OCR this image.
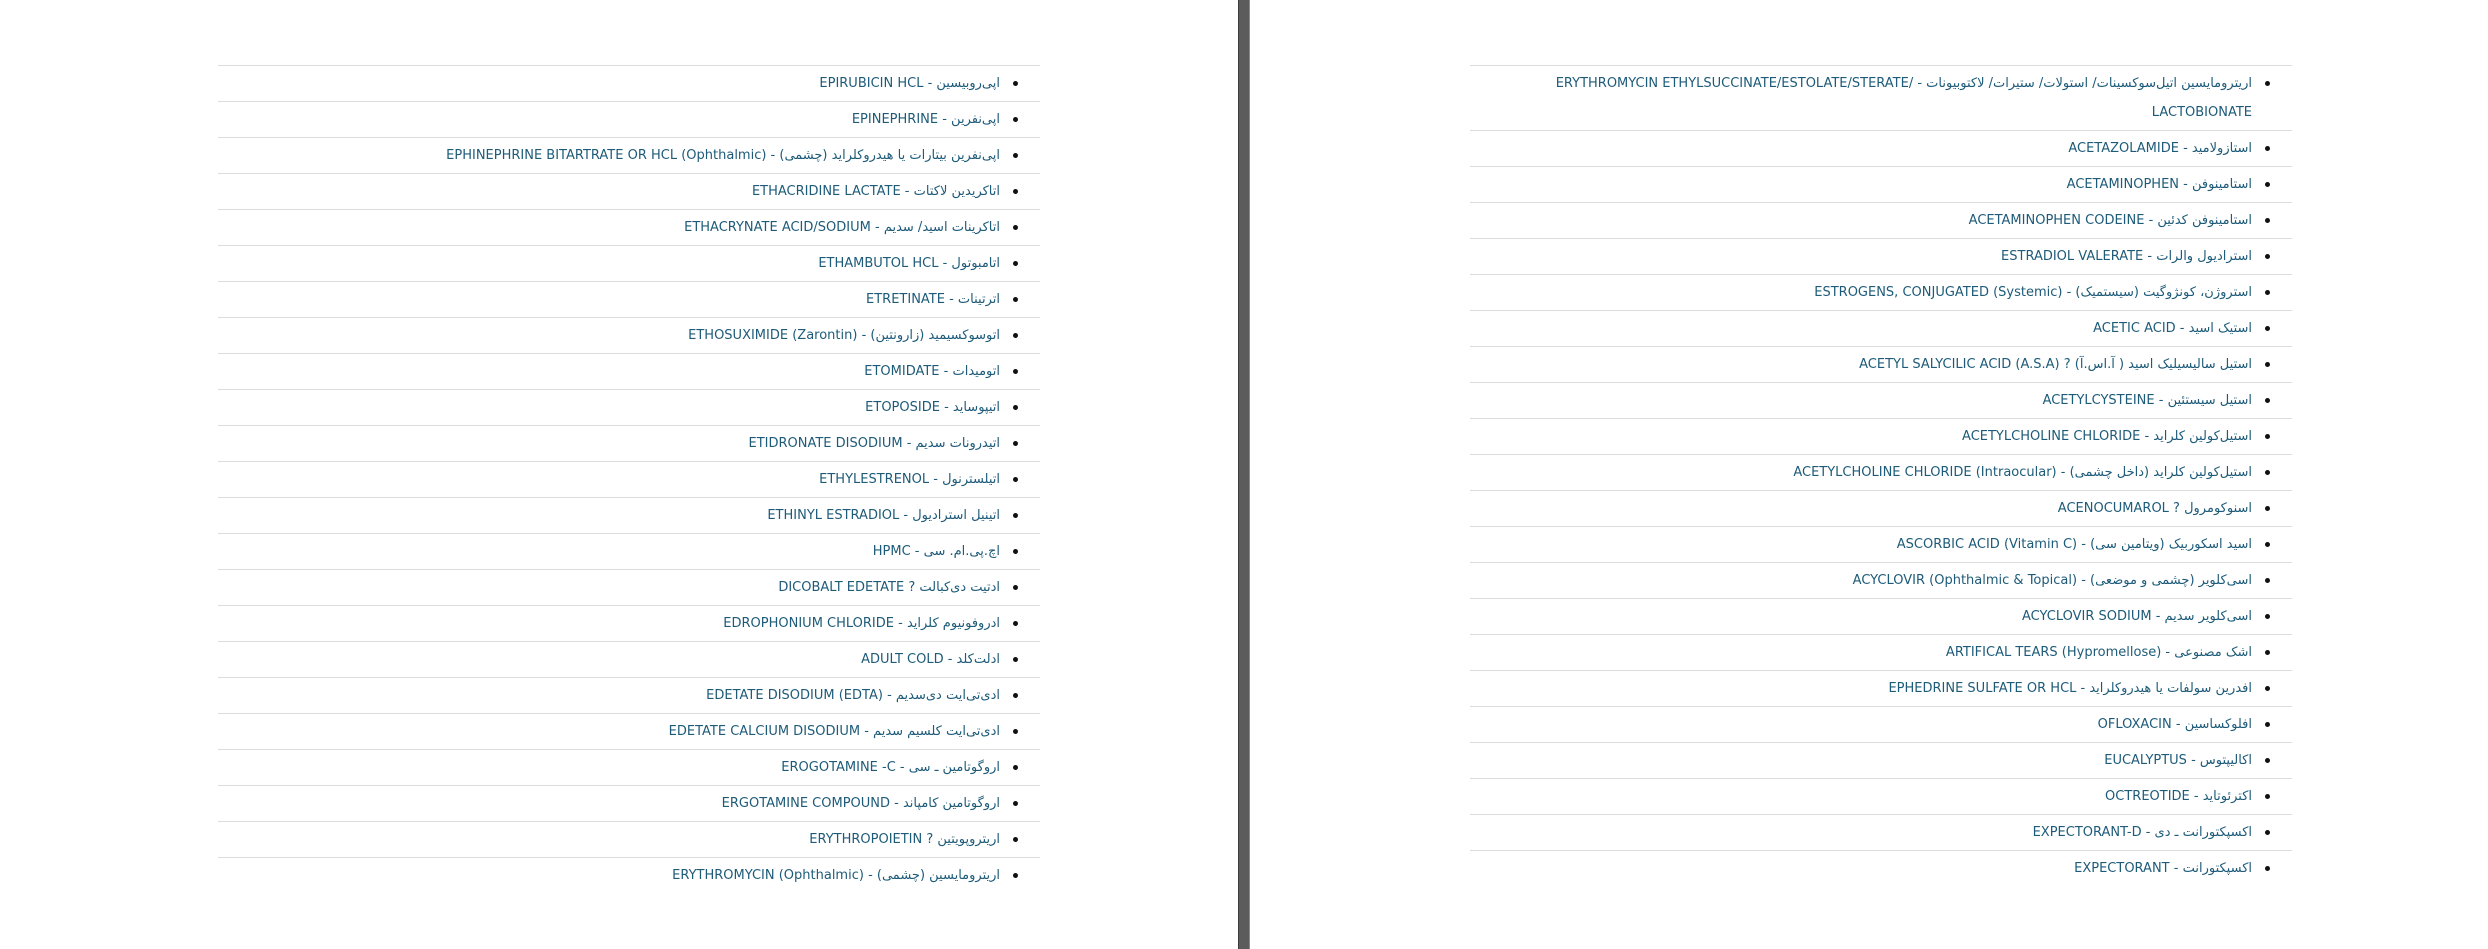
اپی‌روبیسین - EPIRUBICIN HCL
اپی‌نفرین - EPINEPHRINE
اپی‌نفرین بیتارات یا هیدروکلراید (چشمی) - EPHINEPHRINE BITARTRATE OR HCL (Ophthalmic)
اتاکریدین لاکتات - ETHACRIDINE LACTATE
اتاکرینات اسید/ سدیم - ETHACRYNATE ACID/SODIUM
اتامبوتول - ETHAMBUTOL HCL
اترتینات - ETRETINATE
اتوسوکسیمید (زارونتین) - ETHOSUXIMIDE (Zarontin)
اتومیدات - ETOMIDATE
اتیپوساید - ETOPOSIDE
اتیدرونات سدیم - ETIDRONATE DISODIUM
اتیلسترنول - ETHYLESTRENOL
اتینیل استرادیول - ETHINYL ESTRADIOL
اچ.پی.ام. سی - HPMC
ادتیت دی‌کبالت ? DICOBALT EDETATE
ادروفونیوم کلراید - EDROPHONIUM CHLORIDE
ادلت‌کلد - ADULT COLD
ادی‌تی‌ایت دی‌سدیم - (EDETATE DISODIUM (EDTA
ادی‌تی‌ایت کلسیم سدیم - EDETATE CALCIUM DISODIUM
اروگوتامین ـ سی - EROGOTAMINE -C
اروگوتامین کامپاند - ERGOTAMINE COMPOUND
اریتروپویتین ? ERYTHROPOIETIN
اریترومایسین (چشمی) - ERYTHROMYCIN (Ophthalmic)
اریترومایسین اتیل‌سوکسینات/ استولات/ ستیرات/ لاکتوبیونات - ERYTHROMYCIN ETHYLSUCCINATE/ESTOLATE/STERATE/ LACTOBIONATE
استازولامید - ACETAZOLAMIDE
استامینوفن - ACETAMINOPHEN
استامینوفن کدئین - ACETAMINOPHEN CODEINE
استرادیول والرات - ESTRADIOL VALERATE
استروژن، کونژوگیت (سیستمیک) - ESTROGENS, CONJUGATED (Systemic)
استیک اسید - ACETIC ACID
استیل سالیسیلیک اسید ( آ.اس.آ) ? ACETYL SALYCILIC ACID (A.S.A)
استیل سیستئین - ACETYLCYSTEINE
استیل‌کولین کلراید - ACETYLCHOLINE CHLORIDE
استیل‌کولین کلراید (داخل چشمی) - ACETYLCHOLINE CHLORIDE (Intraocular)
اسنوکومرول ? ACENOCUMAROL
اسید اسکوربیک (ویتامین سی) - ASCORBIC ACID (Vitamin C)
اسی‌کلویر (چشمی و موضعی) - ACYCLOVIR (Ophthalmic & Topical)
اسی‌کلویر سدیم - ACYCLOVIR SODIUM
اشک مصنوعی - ARTIFICAL TEARS (Hypromellose)
افدرین سولفات یا هیدروکلراید - EPHEDRINE SULFATE OR HCL
افلوکساسین - OFLOXACIN
اکالیپتوس - EUCALYPTUS
اکترئوتاید - OCTREOTIDE
اکسپکتورانت ـ دی - EXPECTORANT-D
اکسپکتورانت - EXPECTORANT
